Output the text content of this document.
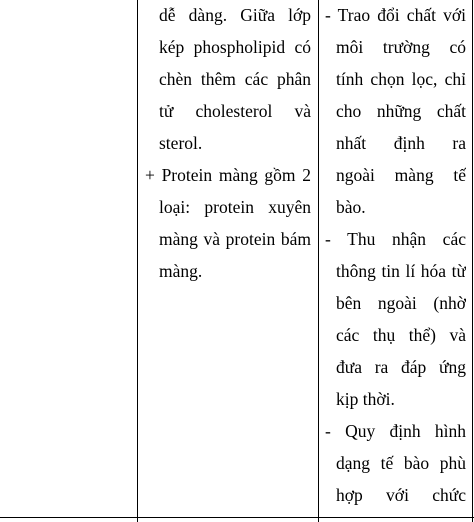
dễ dàng. Giữa lớp
kép phospholipid có
chèn thêm các phân
tử cholesterol và
sterol.
+ Protein màng gồm 2
loại: protein xuyên
màng và protein bám
màng.
- Trao đổi chất với
môi trường có
tính chọn lọc, chỉ
cho những chất
nhất định ra
ngoài màng tế
bào.
- Thu nhận các
thông tin lí hóa từ
bên ngoài (nhờ
các thụ thể) và
đưa ra đáp ứng
kịp thời.
- Quy định hình
dạng tế bào phù
hợp với chức
